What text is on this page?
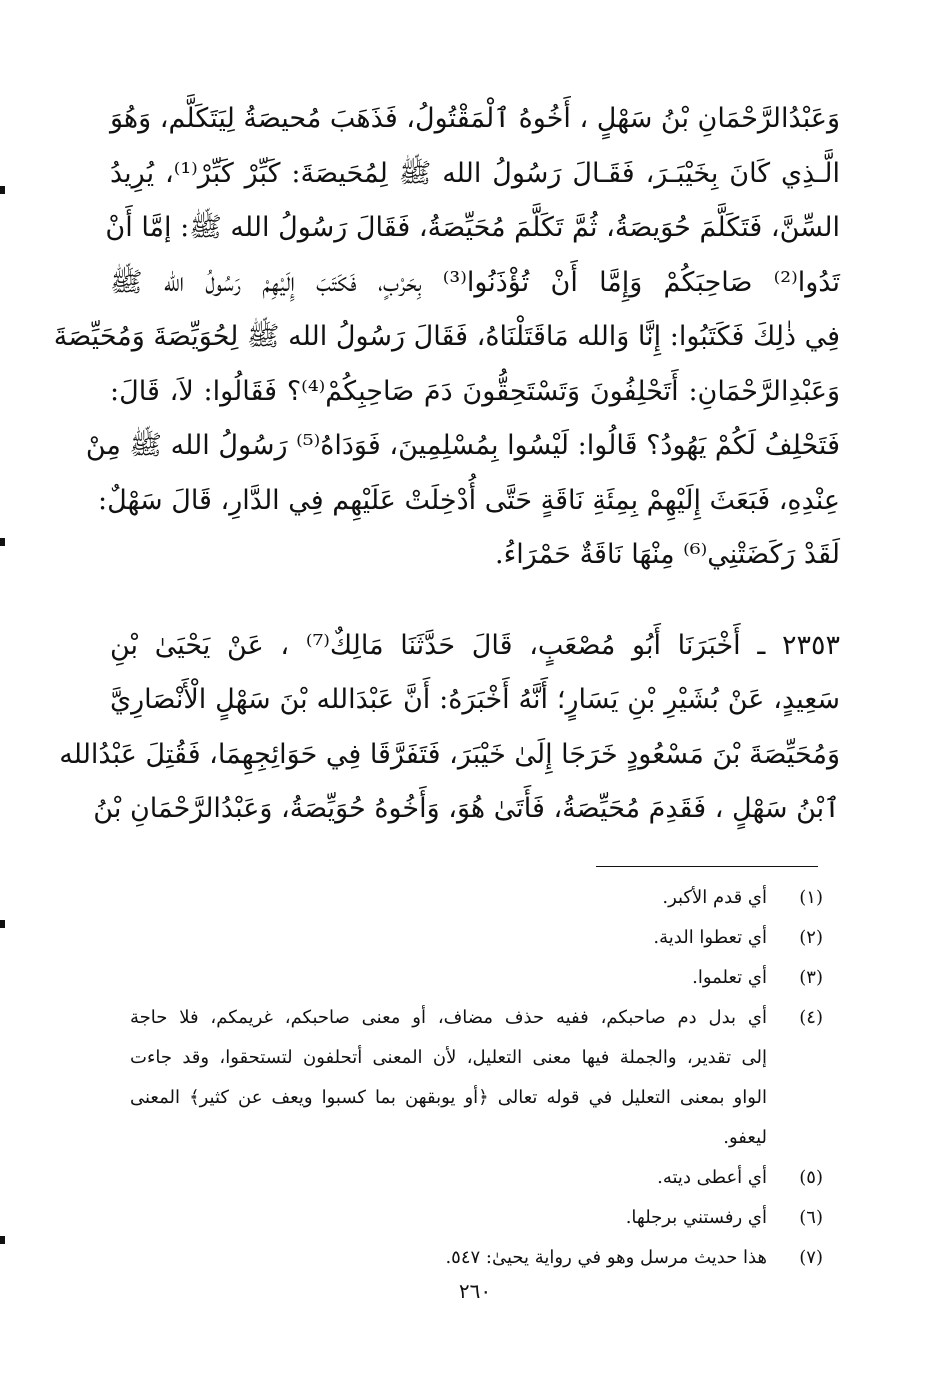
وَعَبْدُالرَّحْمَانِ بْنُ سَهْلٍ ، أَخُوهُ ٱلْمَقْتُولُ، فَذَهَبَ مُحيصَةُ لِيَتَكَلَّم، وَهُوَ
الَّـذِي كَانَ بِخَيْبَـرَ، فَقَـالَ رَسُولُ الله ﷺ لِمُحَيصَةَ: كَبِّرْ كَبِّرْ⁽¹⁾، يُرِيدُ
السِّنَّ، فَتَكَلَّمَ حُوَيصَةُ، ثُمَّ تَكَلَّمَ مُحَيِّصَةُ، فَقَالَ رَسُولُ الله ﷺ: إمَّا أَنْ
تَدُوا⁽²⁾ صَاحِبَكُمْ وَإِمَّا أَنْ تُؤْذَنُوا⁽³⁾ بِحَرْبٍ، فَكَتَبَ إِلَيْهِمْ رَسُولُ الله ﷺ
فِي ذٰلِكَ فَكَتَبُوا: إِنَّا وَالله مَاقَتَلْنَاهُ، فَقَالَ رَسُولُ الله ﷺ لِحُوَيِّصَةَ وَمُحَيِّصَةَ
وَعَبْدِالرَّحْمَانِ: أَتَحْلِفُونَ وَتَسْتَحِقُّونَ دَمَ صَاحِبِكُمْ⁽⁴⁾؟ فَقَالُوا: لاَ، قَالَ:
فَتَحْلِفُ لَكُمْ يَهُودُ؟ قَالُوا: لَيْسُوا بِمُسْلِمِينَ، فَوَدَاهُ⁽⁵⁾ رَسُولُ الله ﷺ مِنْ
عِنْدِهِ، فَبَعَثَ إِلَيْهِمْ بِمِئَةِ نَاقَةٍ حَتَّى أُدْخِلَتْ عَلَيْهِم فِي الدَّارِ، قَالَ سَهْلٌ:
لَقَدْ رَكَضَتْنِي⁽⁶⁾ مِنْهَا نَاقَةٌ حَمْرَاءُ.
٢٣٥٣ ـ أَخْبَرَنَا أَبُو مُصْعَبٍ، قَالَ حَدَّثَنَا مَالِكٌ⁽⁷⁾ ، عَنْ يَحْيَىٰ بْنِ
سَعِيدٍ، عَنْ بُشَيْرِ بْنِ يَسَارٍ؛ أَنَّهُ أَخْبَرَهُ: أَنَّ عَبْدَالله بْنَ سَهْلٍ الْأَنْصَارِيَّ
وَمُحَيِّصَةَ بْنَ مَسْعُودٍ خَرَجَا إِلَىٰ خَيْبَرَ، فَتَفَرَّقَا فِي حَوَائِجِهِمَا، فَقُتِلَ عَبْدُالله
ٱبْنُ سَهْلٍ ، فَقَدِمَ مُحَيِّصَةُ، فَأَتَىٰ هُوَ، وَأَخُوهُ حُوَيِّصَةُ، وَعَبْدُالرَّحْمَانِ بْنُ
(١)
أي قدم الأكبر.
(٢)
أي تعطوا الدية.
(٣)
أي تعلموا.
(٤)
أي بدل دم صاحبكم، ففيه حذف مضاف، أو معنى صاحبكم، غريمكم، فلا حاجة
إلى تقدير، والجملة فيها معنى التعليل، لأن المعنى أتحلفون لتستحقوا، وقد جاءت
الواو بمعنى التعليل في قوله تعالى ﴿أو يوبقهن بما كسبوا ويعف عن كثير﴾ المعنى
ليعفو.
(٥)
أي أعطى ديته.
(٦)
أي رفستني برجلها.
(٧)
هذا حديث مرسل وهو في رواية يحيىٰ: ٥٤٧.
٢٦٠
